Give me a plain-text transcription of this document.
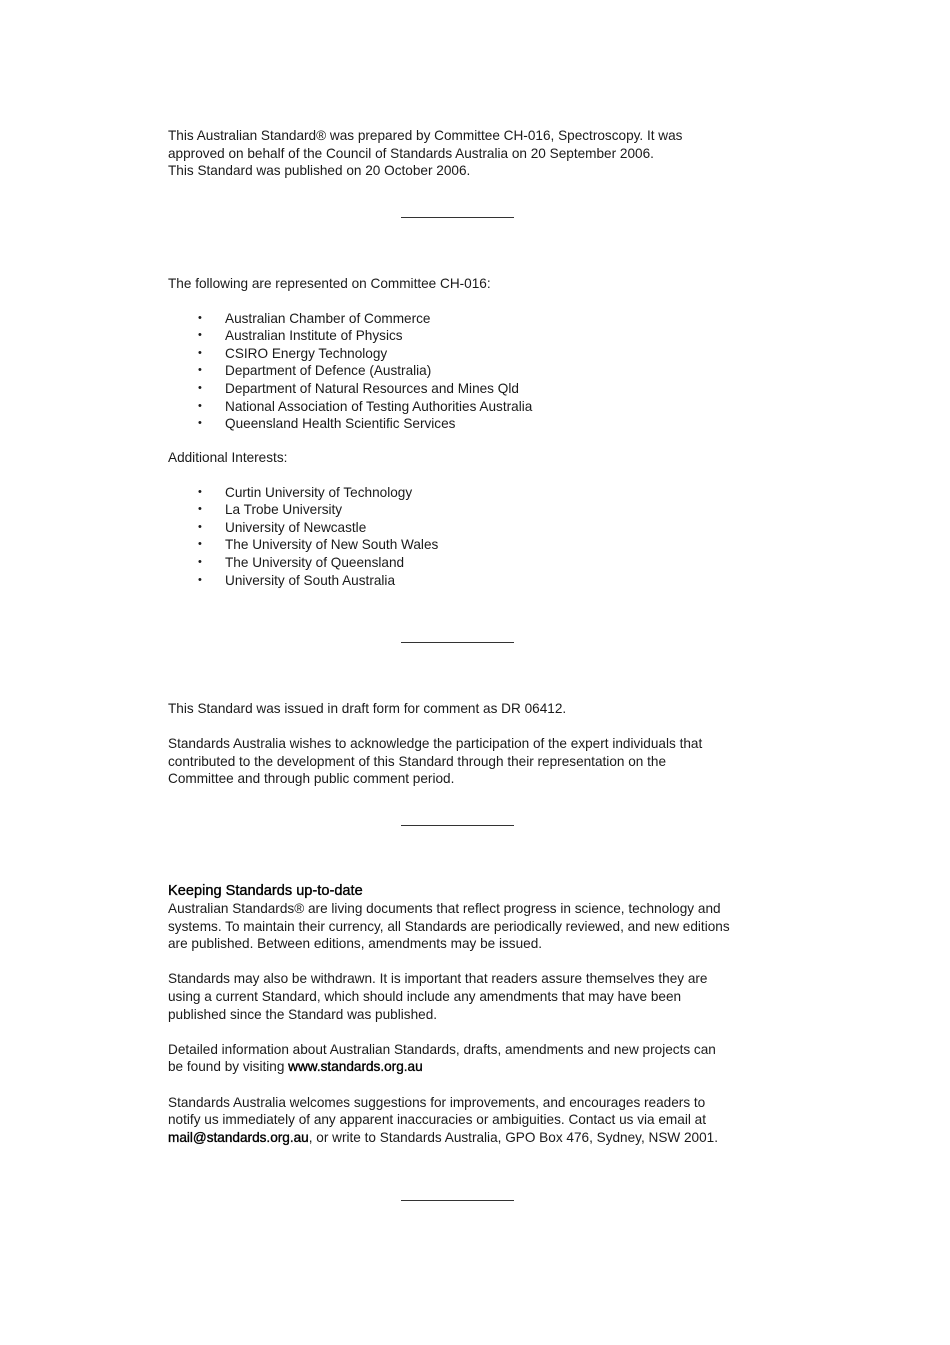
This Australian Standard® was prepared by Committee CH-016, Spectroscopy. It was

approved on behalf of the Council of Standards Australia on 20 September 2006.

This Standard was published on 20 October 2006.

The following are represented on Committee CH-016:

• Australian Chamber of Commerce
• Australian Institute of Physics
• CSIRO Energy Technology
• Department of Defence (Australia)
• Department of Natural Resources and Mines Qld
• National Association of Testing Authorities Australia
• Queensland Health Scientific Services

Additional Interests:

• Curtin University of Technology
• La Trobe University
• University of Newcastle
• The University of New South Wales
• The University of Queensland
• University of South Australia

This Standard was issued in draft form for comment as DR 06412.

Standards Australia wishes to acknowledge the participation of the expert individuals that

contributed to the development of this Standard through their representation on the

Committee and through public comment period.

Keeping Standards up-to-date

Australian Standards® are living documents that reflect progress in science, technology and

systems. To maintain their currency, all Standards are periodically reviewed, and new editions

are published. Between editions, amendments may be issued.

Standards may also be withdrawn. It is important that readers assure themselves they are

using a current Standard, which should include any amendments that may have been

published since the Standard was published.

Detailed information about Australian Standards, drafts, amendments and new projects can

be found by visiting www.standards.org.au

Standards Australia welcomes suggestions for improvements, and encourages readers to

notify us immediately of any apparent inaccuracies or ambiguities. Contact us via email at

mail@standards.org.au, or write to Standards Australia, GPO Box 476, Sydney, NSW 2001.
